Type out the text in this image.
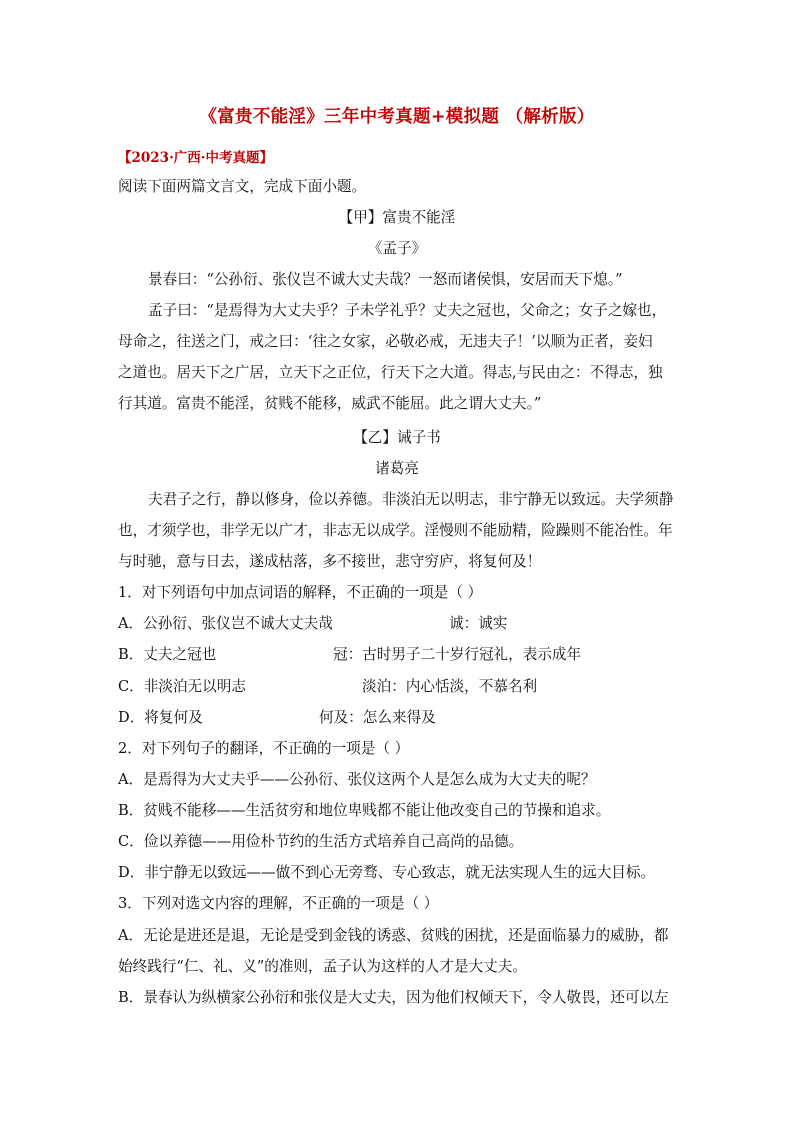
《富贵不能淫》三年中考真题+模拟题 （解析版）
【2023·广西·中考真题】
阅读下面两篇文言文，完成下面小题。
【甲】富贵不能淫
《孟子》
景春曰：“公孙衍、张仪岂不诚大丈夫哉？一怒而诸侯惧，安居而天下熄。”
孟子曰：“是焉得为大丈夫乎？子未学礼乎？丈夫之冠也，父命之；女子之嫁也，
母命之，往送之门，戒之曰：‘往之女家，必敬必戒，无违夫子！’以顺为正者，妾妇
之道也。居天下之广居，立天下之正位，行天下之大道。得志,与民由之：不得志，独
行其道。富贵不能淫，贫贱不能移，威武不能屈。此之谓大丈夫。”
【乙】诫子书
诸葛亮
夫君子之行，静以修身，俭以养德。非淡泊无以明志，非宁静无以致远。夫学须静
也，才须学也，非学无以广才，非志无以成学。淫慢则不能励精，险躁则不能冶性。年
与时驰，意与日去，遂成枯落，多不接世，悲守穷庐，将复何及！
1．对下列语句中加点词语的解释，不正确的一项是（ ）
A．公孙衍、张仪岂不诚大丈夫哉	诚：诚实
B．丈夫之冠也	冠：古时男子二十岁行冠礼，表示成年
C．非淡泊无以明志	淡泊：内心恬淡，不慕名利
D．将复何及	何及：怎么来得及
2．对下列句子的翻译，不正确的一项是（ ）
A．是焉得为大丈夫乎——公孙衍、张仪这两个人是怎么成为大丈夫的呢？
B．贫贱不能移——生活贫穷和地位卑贱都不能让他改变自己的节操和追求。
C．俭以养德——用俭朴节约的生活方式培养自己高尚的品德。
D．非宁静无以致远——做不到心无旁骛、专心致志，就无法实现人生的远大目标。
3．下列对选文内容的理解，不正确的一项是（ ）
A．无论是进还是退，无论是受到金钱的诱惑、贫贱的困扰，还是面临暴力的威胁，都
始终践行“仁、礼、义”的准则，孟子认为这样的人才是大丈夫。
B．景春认为纵横家公孙衍和张仪是大丈夫，因为他们权倾天下，令人敬畏，还可以左
